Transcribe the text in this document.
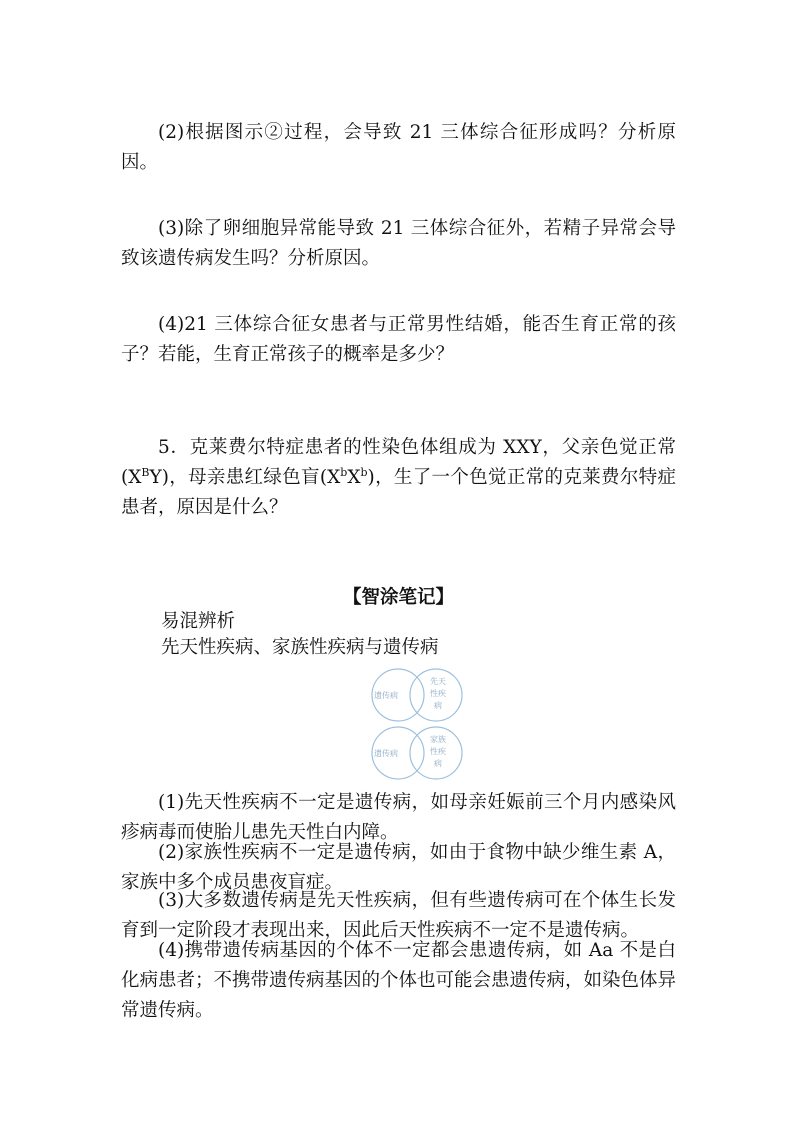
(2)根据图示②过程，会导致 21 三体综合征形成吗？分析原因。

(3)除了卵细胞异常能导致 21 三体综合征外，若精子异常会导致该遗传病发生吗？分析原因。

(4)21 三体综合征女患者与正常男性结婚，能否生育正常的孩子？若能，生育正常孩子的概率是多少？

5．克莱费尔特症患者的性染色体组成为 XXY，父亲色觉正常$(X^BY)$，母亲患红绿色盲$(X^bX^b)$，生了一个色觉正常的克莱费尔特症患者，原因是什么？

【智涂笔记】
易混辨析
先天性疾病、家族性疾病与遗传病
遗传病
先天
性疾
病
遗传病
家族
性疾
病

(1)先天性疾病不一定是遗传病，如母亲妊娠前三个月内感染风疹病毒而使胎儿患先天性白内障。

(2)家族性疾病不一定是遗传病，如由于食物中缺少维生素 A，家族中多个成员患夜盲症。

(3)大多数遗传病是先天性疾病，但有些遗传病可在个体生长发育到一定阶段才表现出来，因此后天性疾病不一定不是遗传病。

(4)携带遗传病基因的个体不一定都会患遗传病，如 Aa 不是白化病患者；不携带遗传病基因的个体也可能会患遗传病，如染色体异常遗传病。
